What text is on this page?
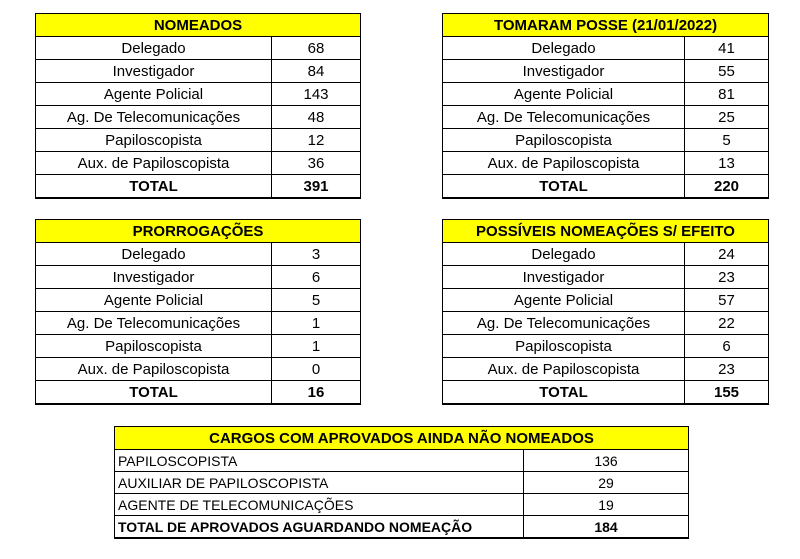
NOMEADOS	
Delegado	68
Investigador	84
Agente Policial	143
Ag. De Telecomunicações	48
Papiloscopista	12
Aux. de Papiloscopista	36
TOTAL	391
TOMARAM POSSE (21/01/2022)	
Delegado	41
Investigador	55
Agente Policial	81
Ag. De Telecomunicações	25
Papiloscopista	5
Aux. de Papiloscopista	13
TOTAL	220
PRORROGAÇÕES	
Delegado	3
Investigador	6
Agente Policial	5
Ag. De Telecomunicações	1
Papiloscopista	1
Aux. de Papiloscopista	0
TOTAL	16
POSSÍVEIS NOMEAÇÕES S/ EFEITO	
Delegado	24
Investigador	23
Agente Policial	57
Ag. De Telecomunicações	22
Papiloscopista	6
Aux. de Papiloscopista	23
TOTAL	155
CARGOS COM APROVADOS AINDA NÃO NOMEADOS	
PAPILOSCOPISTA	136
AUXILIAR DE PAPILOSCOPISTA	29
AGENTE DE TELECOMUNICAÇÕES	19
TOTAL DE APROVADOS AGUARDANDO NOMEAÇÃO	184
